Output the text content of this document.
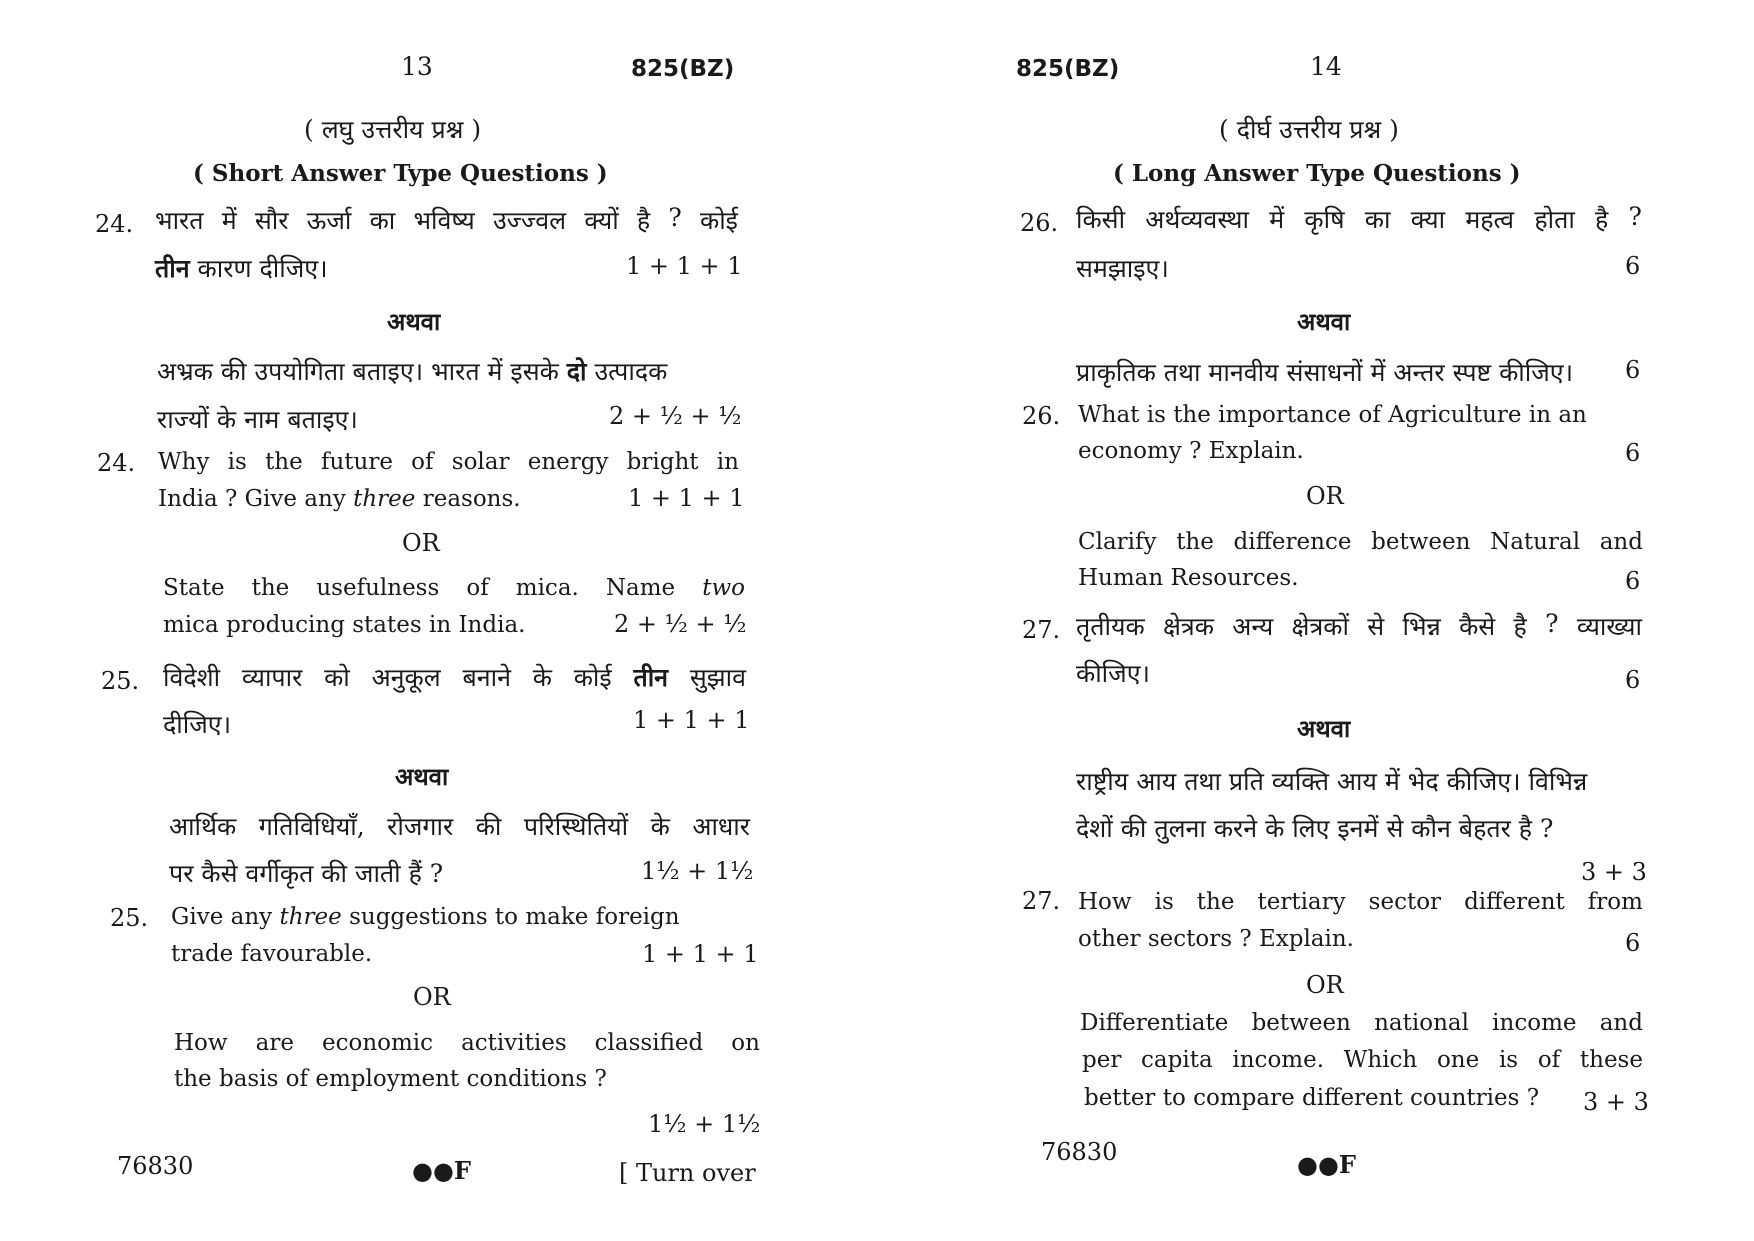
13	825(BZ)
( लघु उत्तरीय प्रश्न )
( Short Answer Type Questions )
24. भारत में सौर ऊर्जा का भविष्य उज्ज्वल क्यों है ? कोई
तीन कारण दीजिए।	1 + 1 + 1
अथवा
अभ्रक की उपयोगिता बताइए। भारत में इसके दो उत्पादक
राज्यों के नाम बताइए।	2 + ½ + ½
24. Why is the future of solar energy bright in
India ? Give any three reasons.	1 + 1 + 1
OR
State the usefulness of mica. Name two
mica producing states in India.	2 + ½ + ½
25. विदेशी व्यापार को अनुकूल बनाने के कोई तीन सुझाव
दीजिए।	1 + 1 + 1
अथवा
आर्थिक गतिविधियाँ, रोजगार की परिस्थितियों के आधार
पर कैसे वर्गीकृत की जाती हैं ?	1½ + 1½
25. Give any three suggestions to make foreign
trade favourable.	1 + 1 + 1
OR
How are economic activities classified on
the basis of employment conditions ?
1½ + 1½
76830	●●F	[ Turn over
825(BZ)	14
( दीर्घ उत्तरीय प्रश्न )
( Long Answer Type Questions )
26. किसी अर्थव्यवस्था में कृषि का क्या महत्व होता है ?
समझाइए।	6
अथवा
प्राकृतिक तथा मानवीय संसाधनों में अन्तर स्पष्ट कीजिए। 6
26. What is the importance of Agriculture in an
economy ? Explain.	6
OR
Clarify the difference between Natural and
Human Resources.	6
27. तृतीयक क्षेत्रक अन्य क्षेत्रकों से भिन्न कैसे है ? व्याख्या
कीजिए।	6
अथवा
राष्ट्रीय आय तथा प्रति व्यक्ति आय में भेद कीजिए। विभिन्न
देशों की तुलना करने के लिए इनमें से कौन बेहतर है ?
3 + 3
27. How is the tertiary sector different from
other sectors ? Explain.	6
OR
Differentiate between national income and
per capita income. Which one is of these
better to compare different countries ? 3 + 3
76830	●●F
